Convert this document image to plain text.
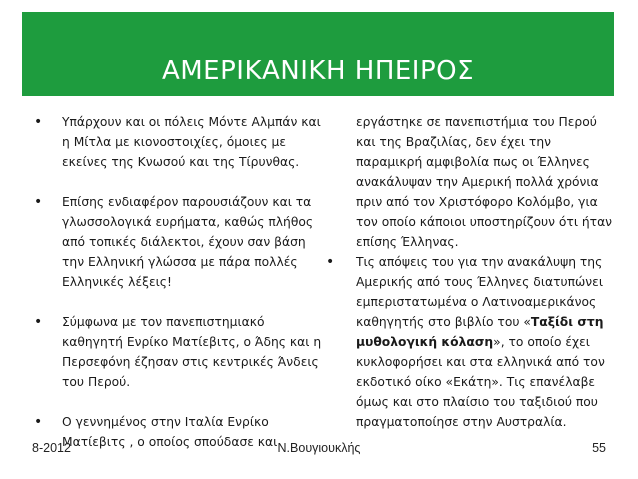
ΑΜΕΡΙΚΑΝΙΚΗ ΗΠΕΙΡΟΣ
• Υπάρχουν και οι πόλεις Μόντε Αλμπάν και η Μίτλα με κιονοστοιχίες, όμοιες με εκείνες της Κνωσού και της Τίρυνθας.
• Επίσης ενδιαφέρον παρουσιάζουν και τα γλωσσολογικά ευρήματα, καθώς πλήθος από τοπικές διάλεκτοι, έχουν σαν βάση την Ελληνική γλώσσα με πάρα πολλές Ελληνικές λέξεις!
• Σύμφωνα με τον πανεπιστημιακό καθηγητή Ενρίκο Ματίεβιτς, ο Άδης και η Περσεφόνη έζησαν στις κεντρικές Άνδεις του Περού.
• Ο γεννημένος στην Ιταλία Ενρίκο Ματίεβιτς , ο οποίος σπούδασε και
εργάστηκε σε πανεπιστήμια του Περού και της Βραζιλίας, δεν έχει την παραμικρή αμφιβολία πως οι Έλληνες ανακάλυψαν την Αμερική πολλά χρόνια πριν από τον Χριστόφορο Κολόμβο, για τον οποίο κάποιοι υποστηρίζουν ότι ήταν επίσης Έλληνας.
• Τις απόψεις του για την ανακάλυψη της Αμερικής από τους Έλληνες διατυπώνει εμπεριστατωμένα ο Λατινοαμερικάνος καθηγητής στο βιβλίο του «Ταξίδι στη μυθολογική κόλαση», το οποίο έχει κυκλοφορήσει και στα ελληνικά από τον εκδοτικό οίκο «Εκάτη». Τις επανέλαβε όμως και στο πλαίσιο του ταξιδιού που πραγματοποίησε στην Αυστραλία.
8-2012	Ν.Βουγιουκλής	55
